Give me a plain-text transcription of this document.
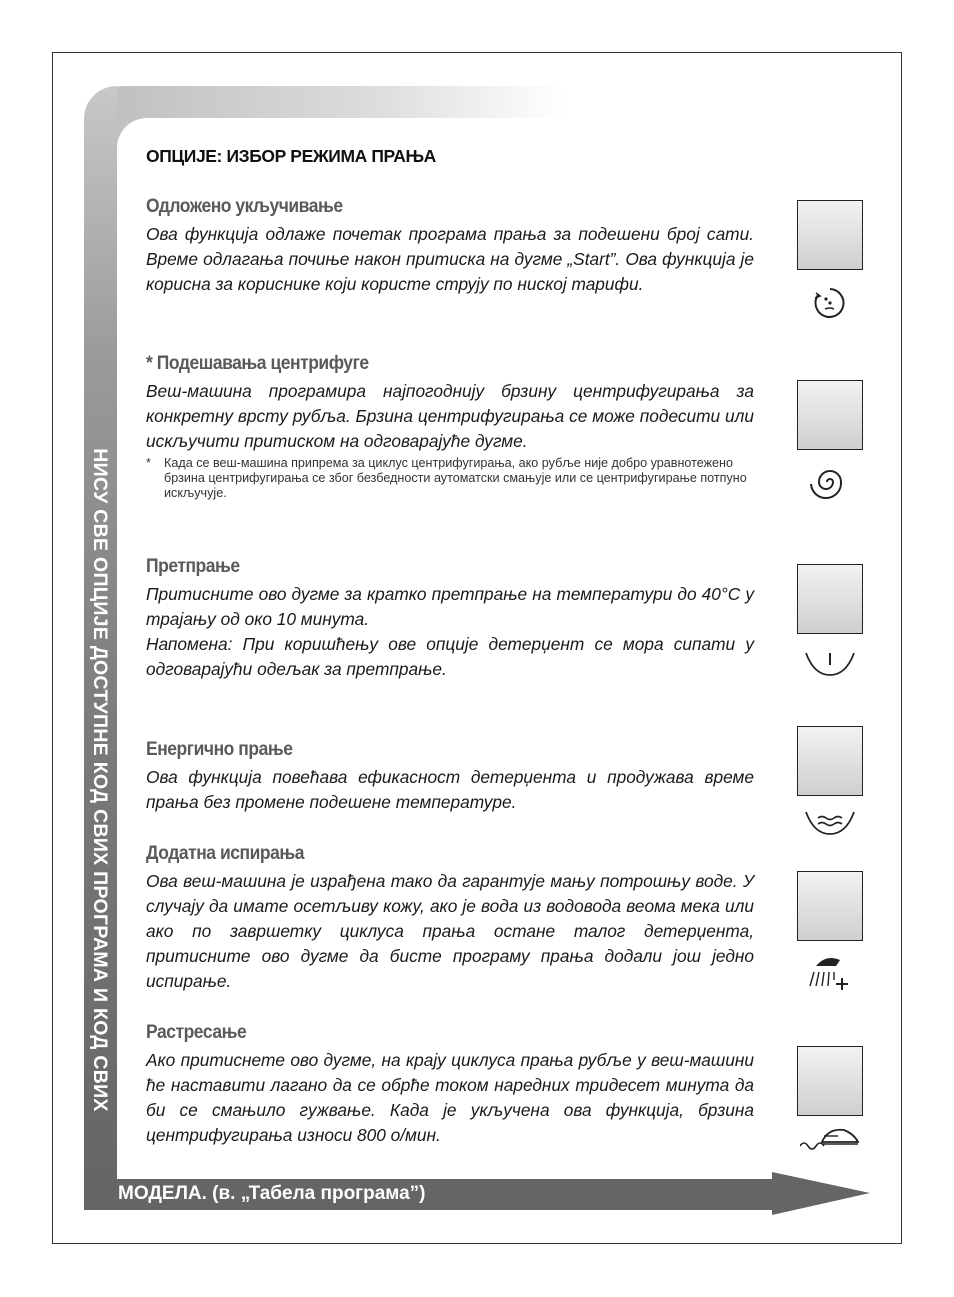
НИСУ СВЕ ОПЦИЈЕ ДОСТУПНЕ КОД СВИХ ПРОГРАМА И КОД СВИХ
МОДЕЛА. (в. „Табела програма”)
ОПЦИЈЕ: ИЗБОР РЕЖИМА ПРАЊА
Одложено укључивање

Ова функција одлаже почетак програма прања за подешени број сати. Време одлагања почиње након притиска на дугме „Start”. Ова функција је корисна за кориснике који користе струју по ниској тарифи.

* Подешавања центрифуге

Веш-машина програмира најпогоднију брзину центрифугирања за конкретну врсту рубља. Брзина центрифугирања се може подесити или искључити притиском на одговарајуће дугме.

* Када се веш-машина припрема за циклус центрифугирања, ако рубље није добро уравнотежено брзина центрифугирања се због безбедности аутоматски смањује или се центрифугирање потпуно искључује.
Претпрање

Притисните ово дугме за кратко претпрање на температури до 40°C у трајању од око 10 минута.

Напомена: При коришћењу ове опције детерџент се мора сипати у одговарајући одељак за претпрање.

Енергично прање

Ова функција повећава ефикасност детерџента и продужава време прања без промене подешене температуре.

Додатна испирања

Ова веш-машина је израђена тако да гарантује мању потрошњу воде. У случају да имате осетљиву кожу, ако је вода из водовода веома мека или ако по завршетку циклуса прања остане талог детерџента, притисните ово дугме да бисте програму прања додали још једно испирање.

Растресање

Ако притиснете ово дугме, на крају циклуса прања рубље у веш-машини ће наставити лагано да се обрће током наредних тридесет минута да би се смањило гужвање. Када је укључена ова функција, брзина центрифугирања износи 800 о/мин.
